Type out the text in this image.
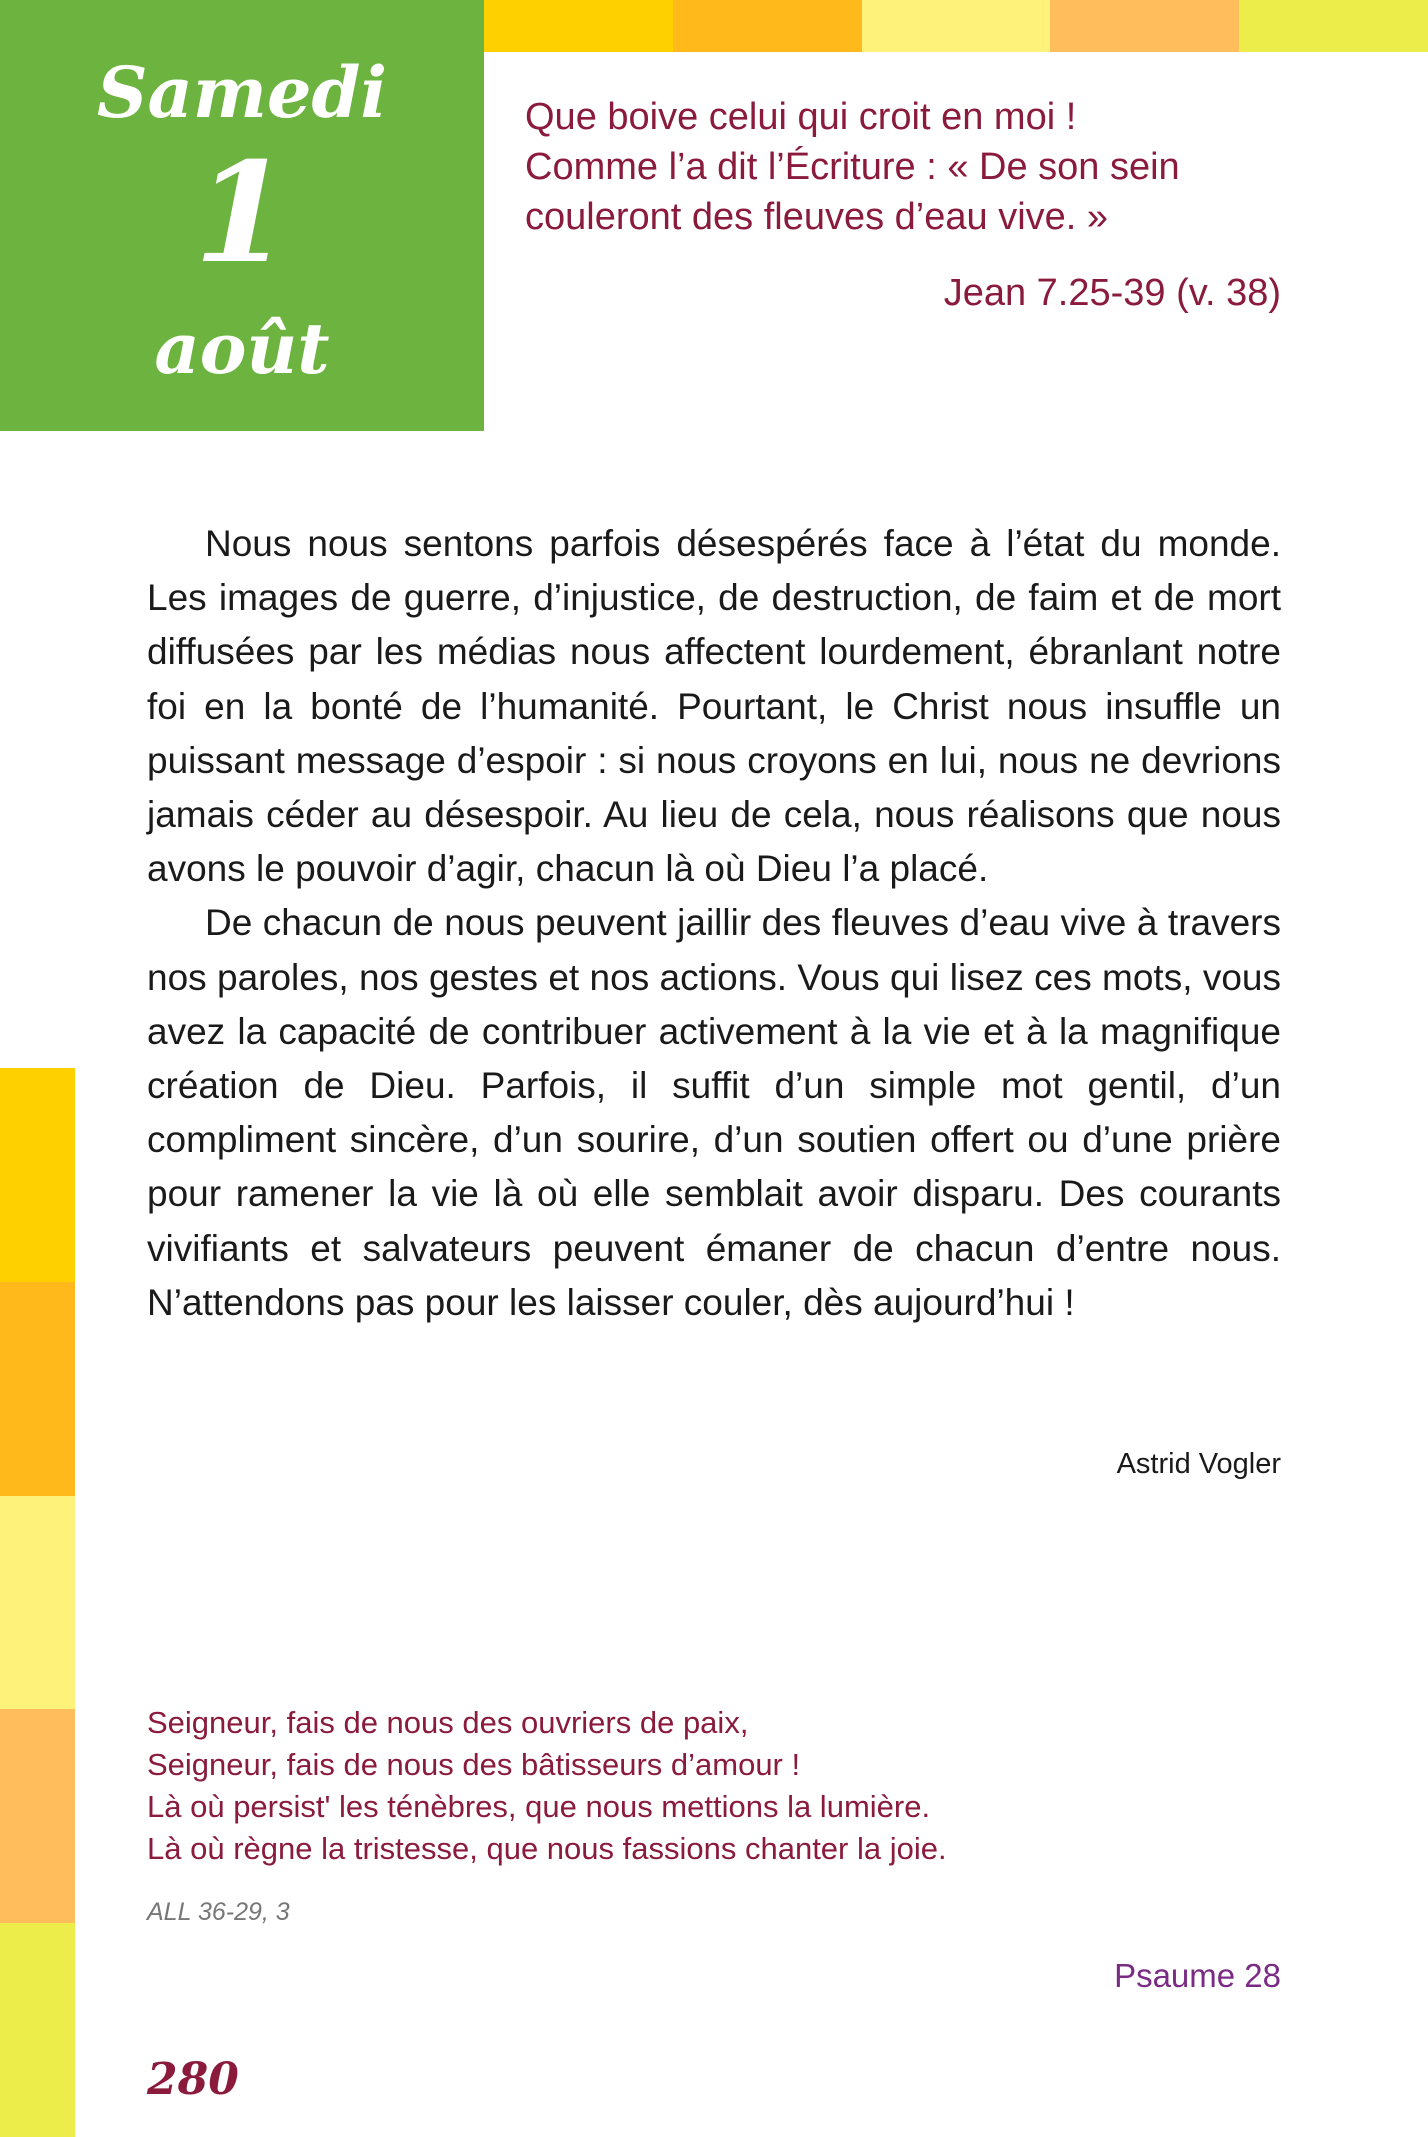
Samedi
1
août
Que boive celui qui croit en moi !
Comme l’a dit l’Écriture : « De son sein
couleront des fleuves d’eau vive. »
Jean 7.25-39 (v. 38)

Nous nous sentons parfois désespérés face à l’état du monde. Les images de guerre, d’injustice, de destruction, de faim et de mort diffusées par les médias nous affectent lourdement, ébranlant notre foi en la bonté de l’humanité. Pourtant, le Christ nous insuffle un puissant message d’espoir : si nous croyons en lui, nous ne devrions jamais céder au désespoir. Au lieu de cela, nous réalisons que nous avons le pouvoir d’agir, chacun là où Dieu l’a placé.

De chacun de nous peuvent jaillir des fleuves d’eau vive à travers nos paroles, nos gestes et nos actions. Vous qui lisez ces mots, vous avez la capacité de contribuer activement à la vie et à la magnifique création de Dieu. Parfois, il suffit d’un simple mot gentil, d’un compliment sincère, d’un sourire, d’un soutien offert ou d’une prière pour ramener la vie là où elle semblait avoir disparu. Des courants vivifiants et salvateurs peuvent émaner de chacun d’entre nous. N’attendons pas pour les laisser couler, dès aujourd’hui !

Astrid Vogler
Seigneur, fais de nous des ouvriers de paix,
Seigneur, fais de nous des bâtisseurs d’amour !
Là où persist' les ténèbres, que nous mettions la lumière.
Là où règne la tristesse, que nous fassions chanter la joie.
ALL 36-29, 3
Psaume 28
280
